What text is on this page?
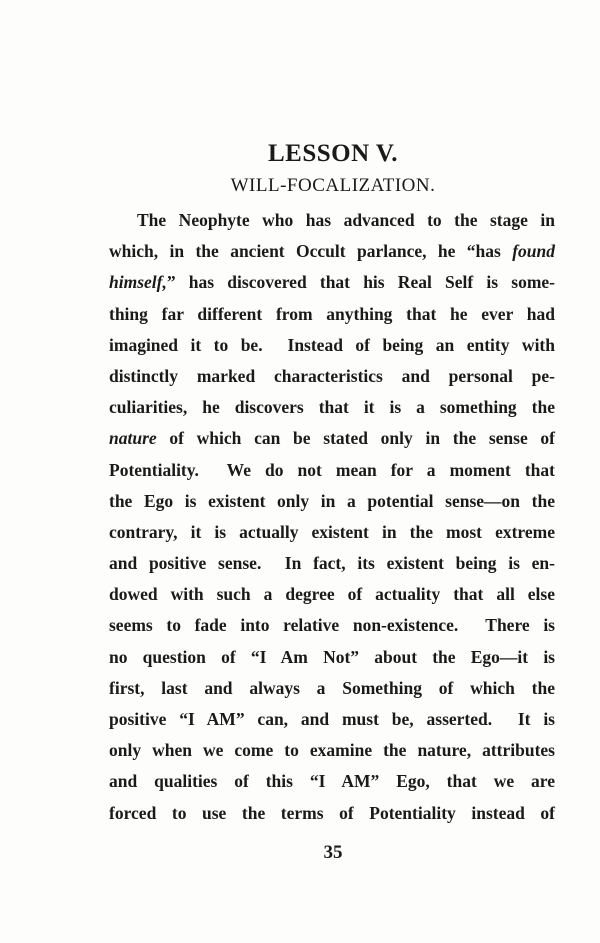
LESSON V.
WILL-FOCALIZATION.
The Neophyte who has advanced to the stage in
which, in the ancient Occult parlance, he “has found
himself,” has discovered that his Real Self is some-
thing far different from anything that he ever had
imagined it to be.  Instead of being an entity with
distinctly marked characteristics and personal pe-
culiarities, he discovers that it is a something the
nature of which can be stated only in the sense of
Potentiality.  We do not mean for a moment that
the Ego is existent only in a potential sense—on the
contrary, it is actually existent in the most extreme
and positive sense.  In fact, its existent being is en-
dowed with such a degree of actuality that all else
seems to fade into relative non-existence.  There is
no question of “I Am Not” about the Ego—it is
first, last and always a Something of which the
positive “I AM” can, and must be, asserted.  It is
only when we come to examine the nature, attributes
and qualities of this “I AM” Ego, that we are
forced to use the terms of Potentiality instead of
35
